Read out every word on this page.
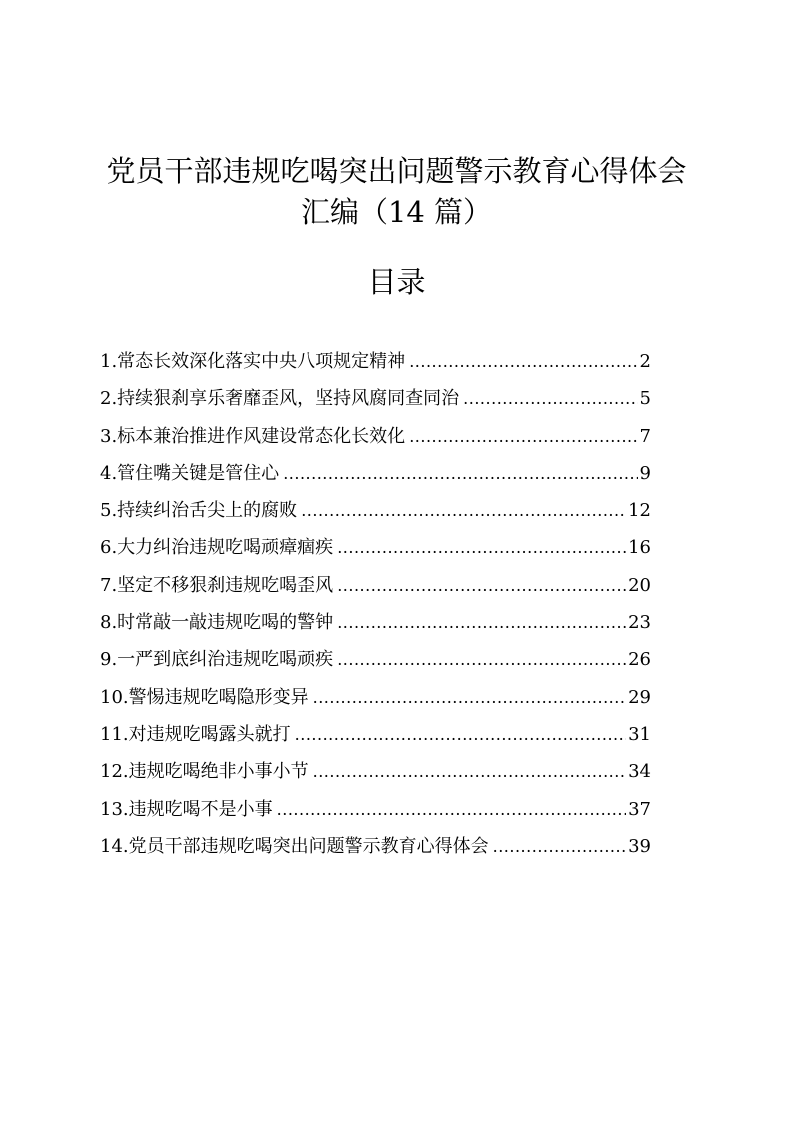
党员干部违规吃喝突出问题警示教育心得体会
汇编（14 篇）
目录
1.常态长效深化落实中央八项规定精神 .....	2
2.持续狠刹享乐奢靡歪风，坚持风腐同查同治 .....	5
3.标本兼治推进作风建设常态化长效化 .....	7
4.管住嘴关键是管住心 .....	9
5.持续纠治舌尖上的腐败 .....	12
6.大力纠治违规吃喝顽瘴痼疾 .....	16
7.坚定不移狠刹违规吃喝歪风 .....	20
8.时常敲一敲违规吃喝的警钟 .....	23
9.一严到底纠治违规吃喝顽疾 .....	26
10.警惕违规吃喝隐形变异 .....	29
11.对违规吃喝露头就打 .....	31
12.违规吃喝绝非小事小节 .....	34
13.违规吃喝不是小事 .....	37
14.党员干部违规吃喝突出问题警示教育心得体会 .....	39
